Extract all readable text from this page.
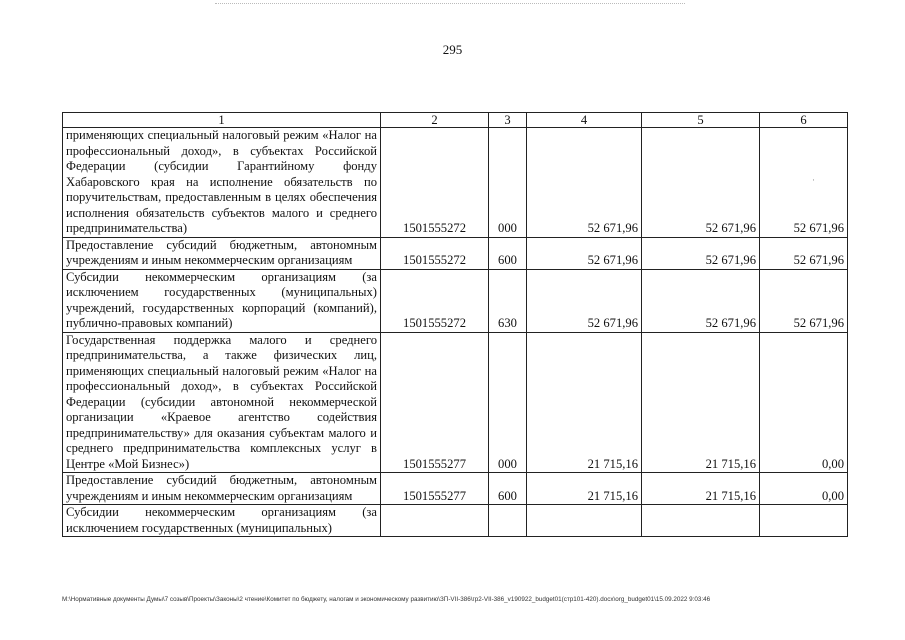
295
1	2	3	4	5	6
применяющих специальный налоговый режим «Налог на профессиональный доход», в субъектах Российской Федерации (субсидии Гарантийному фонду Хабаровского края на исполнение обязательств по поручительствам, предоставленным в целях обеспечения исполнения обязательств субъектов малого и среднего предпринимательства)	1501555272	000	52 671,96	52 671,96	52 671,96
Предоставление субсидий бюджетным, автономным учреждениям и иным некоммерческим организациям	1501555272	600	52 671,96	52 671,96	52 671,96
Субсидии некоммерческим организациям (за исключением государственных (муниципальных) учреждений, государственных корпораций (компаний), публично-правовых компаний)	1501555272	630	52 671,96	52 671,96	52 671,96
Государственная поддержка малого и среднего предпринимательства, а также физических лиц, применяющих специальный налоговый режим «Налог на профессиональный доход», в субъектах Российской Федерации (субсидии автономной некоммерческой организации «Краевое агентство содействия предпринимательству» для оказания субъектам малого и среднего предпринимательства комплексных услуг в Центре «Мой Бизнес»)	1501555277	000	21 715,16	21 715,16	0,00
Предоставление субсидий бюджетным, автономным учреждениям и иным некоммерческим организациям	1501555277	600	21 715,16	21 715,16	0,00
Субсидии некоммерческим организациям (за исключением государственных (муниципальных)					
·
M:\Нормативные документы Думы\7 созыв\Проекты\Законы\2 чтение\Комитет по бюджету, налогам и экономическому развитию\ЗП-VII-386\гр2-VII-386_v190922_budget01(стр101-420).docx\org_budget01\15.09.2022 9:03:46
